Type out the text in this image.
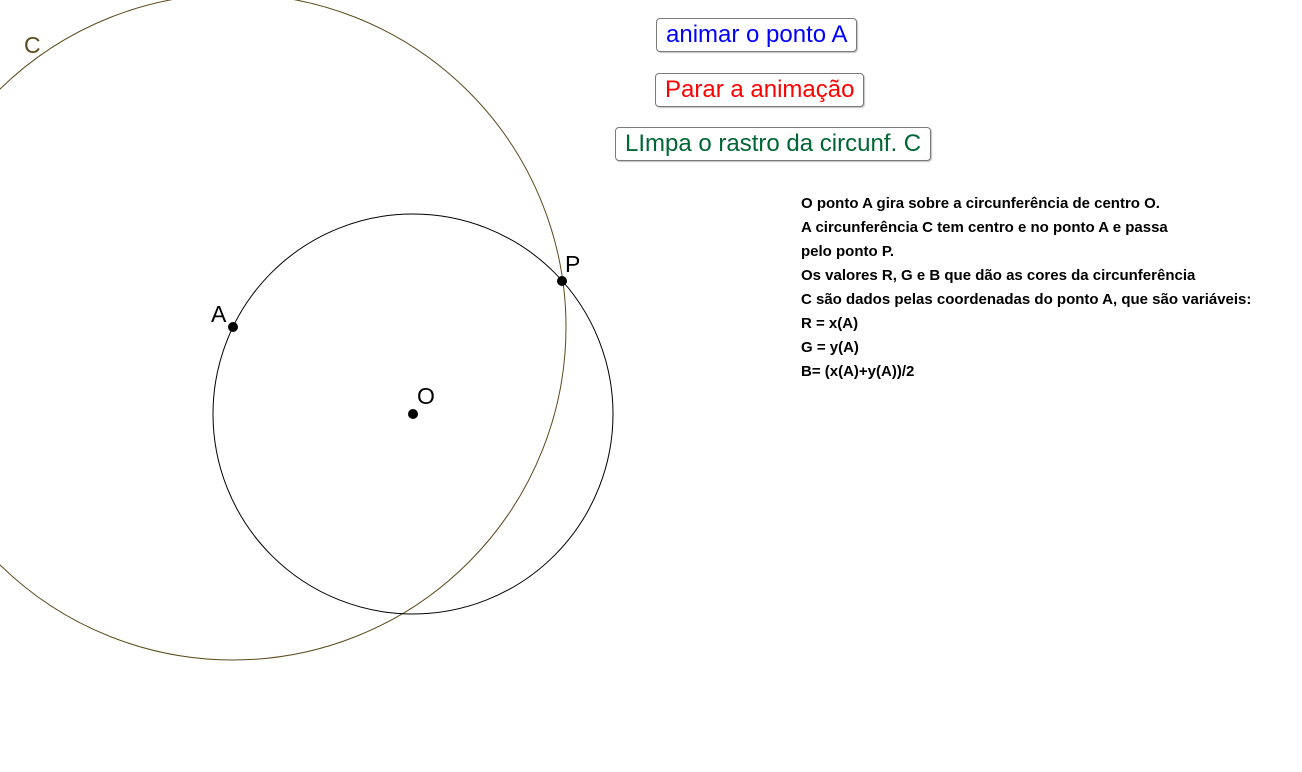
C
A
O
P
animar o ponto A
Parar a animação
LImpa o rastro da circunf. C
O ponto A gira sobre a circunferência de centro O.
A circunferência C tem centro e no ponto A e passa
pelo ponto P.
Os valores R, G e B que dão as cores da circunferência
C são dados pelas coordenadas do ponto A, que são variáveis:
R = x(A)
G = y(A)
B= (x(A)+y(A))/2
